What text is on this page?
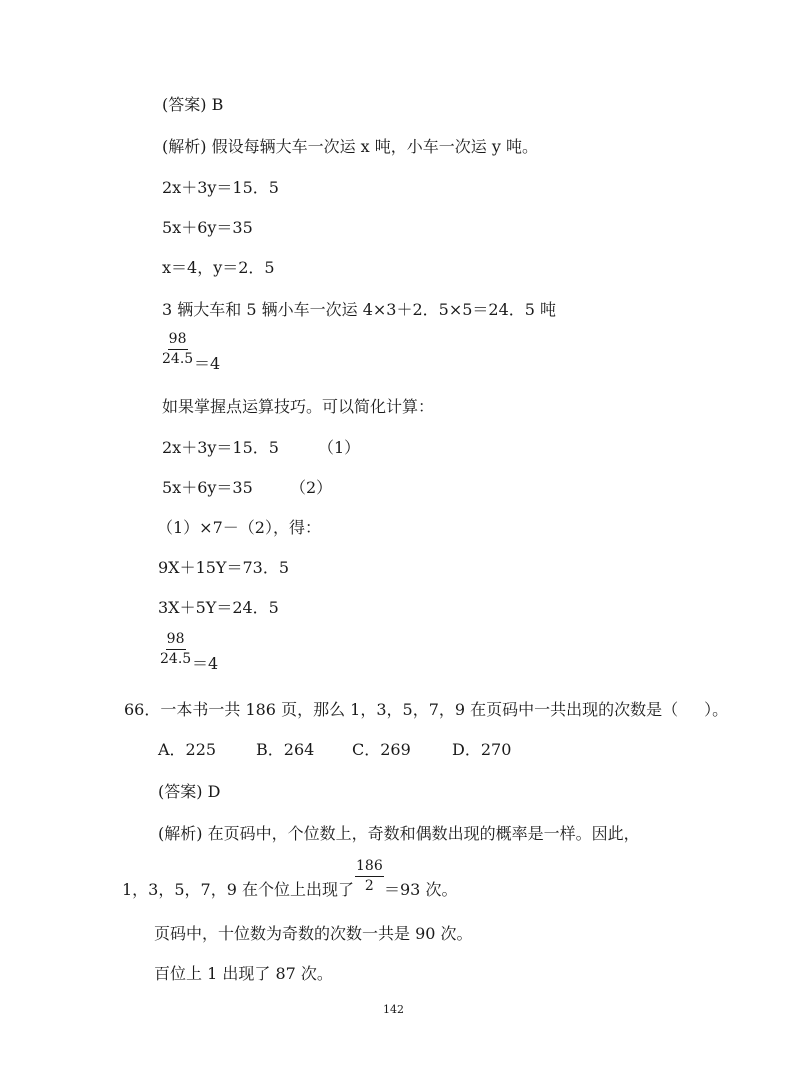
(答案) B
(解析) 假设每辆大车一次运 x 吨，小车一次运 y 吨。
2x＋3y＝15．5
5x＋6y＝35
x＝4，y＝2．5
3 辆大车和 5 辆小车一次运 4×3＋2．5×5＝24．5 吨
$\frac{98}{24.5} =4$
如果掌握点运算技巧。可以简化计算：
2x＋3y＝15．5 （1）
5x＋6y＝35 （2）
（1）×7－（2），得：
9X＋15Y＝73．5
3X＋5Y＝24．5
$\frac{98}{24.5} =4$
66．一本书一共 186 页，那么 1，3，5，7，9 在页码中一共出现的次数是（ ）。
A．225 B．264 C．269	D．270
(答案) D
(解析) 在页码中，个位数上，奇数和偶数出现的概率是一样。因此，
1，3，5，7，9 在个位上出现了 $\frac{186}{2} =93$ 次。
页码中，十位数为奇数的次数一共是 90 次。
百位上 1 出现了 87 次。
142
